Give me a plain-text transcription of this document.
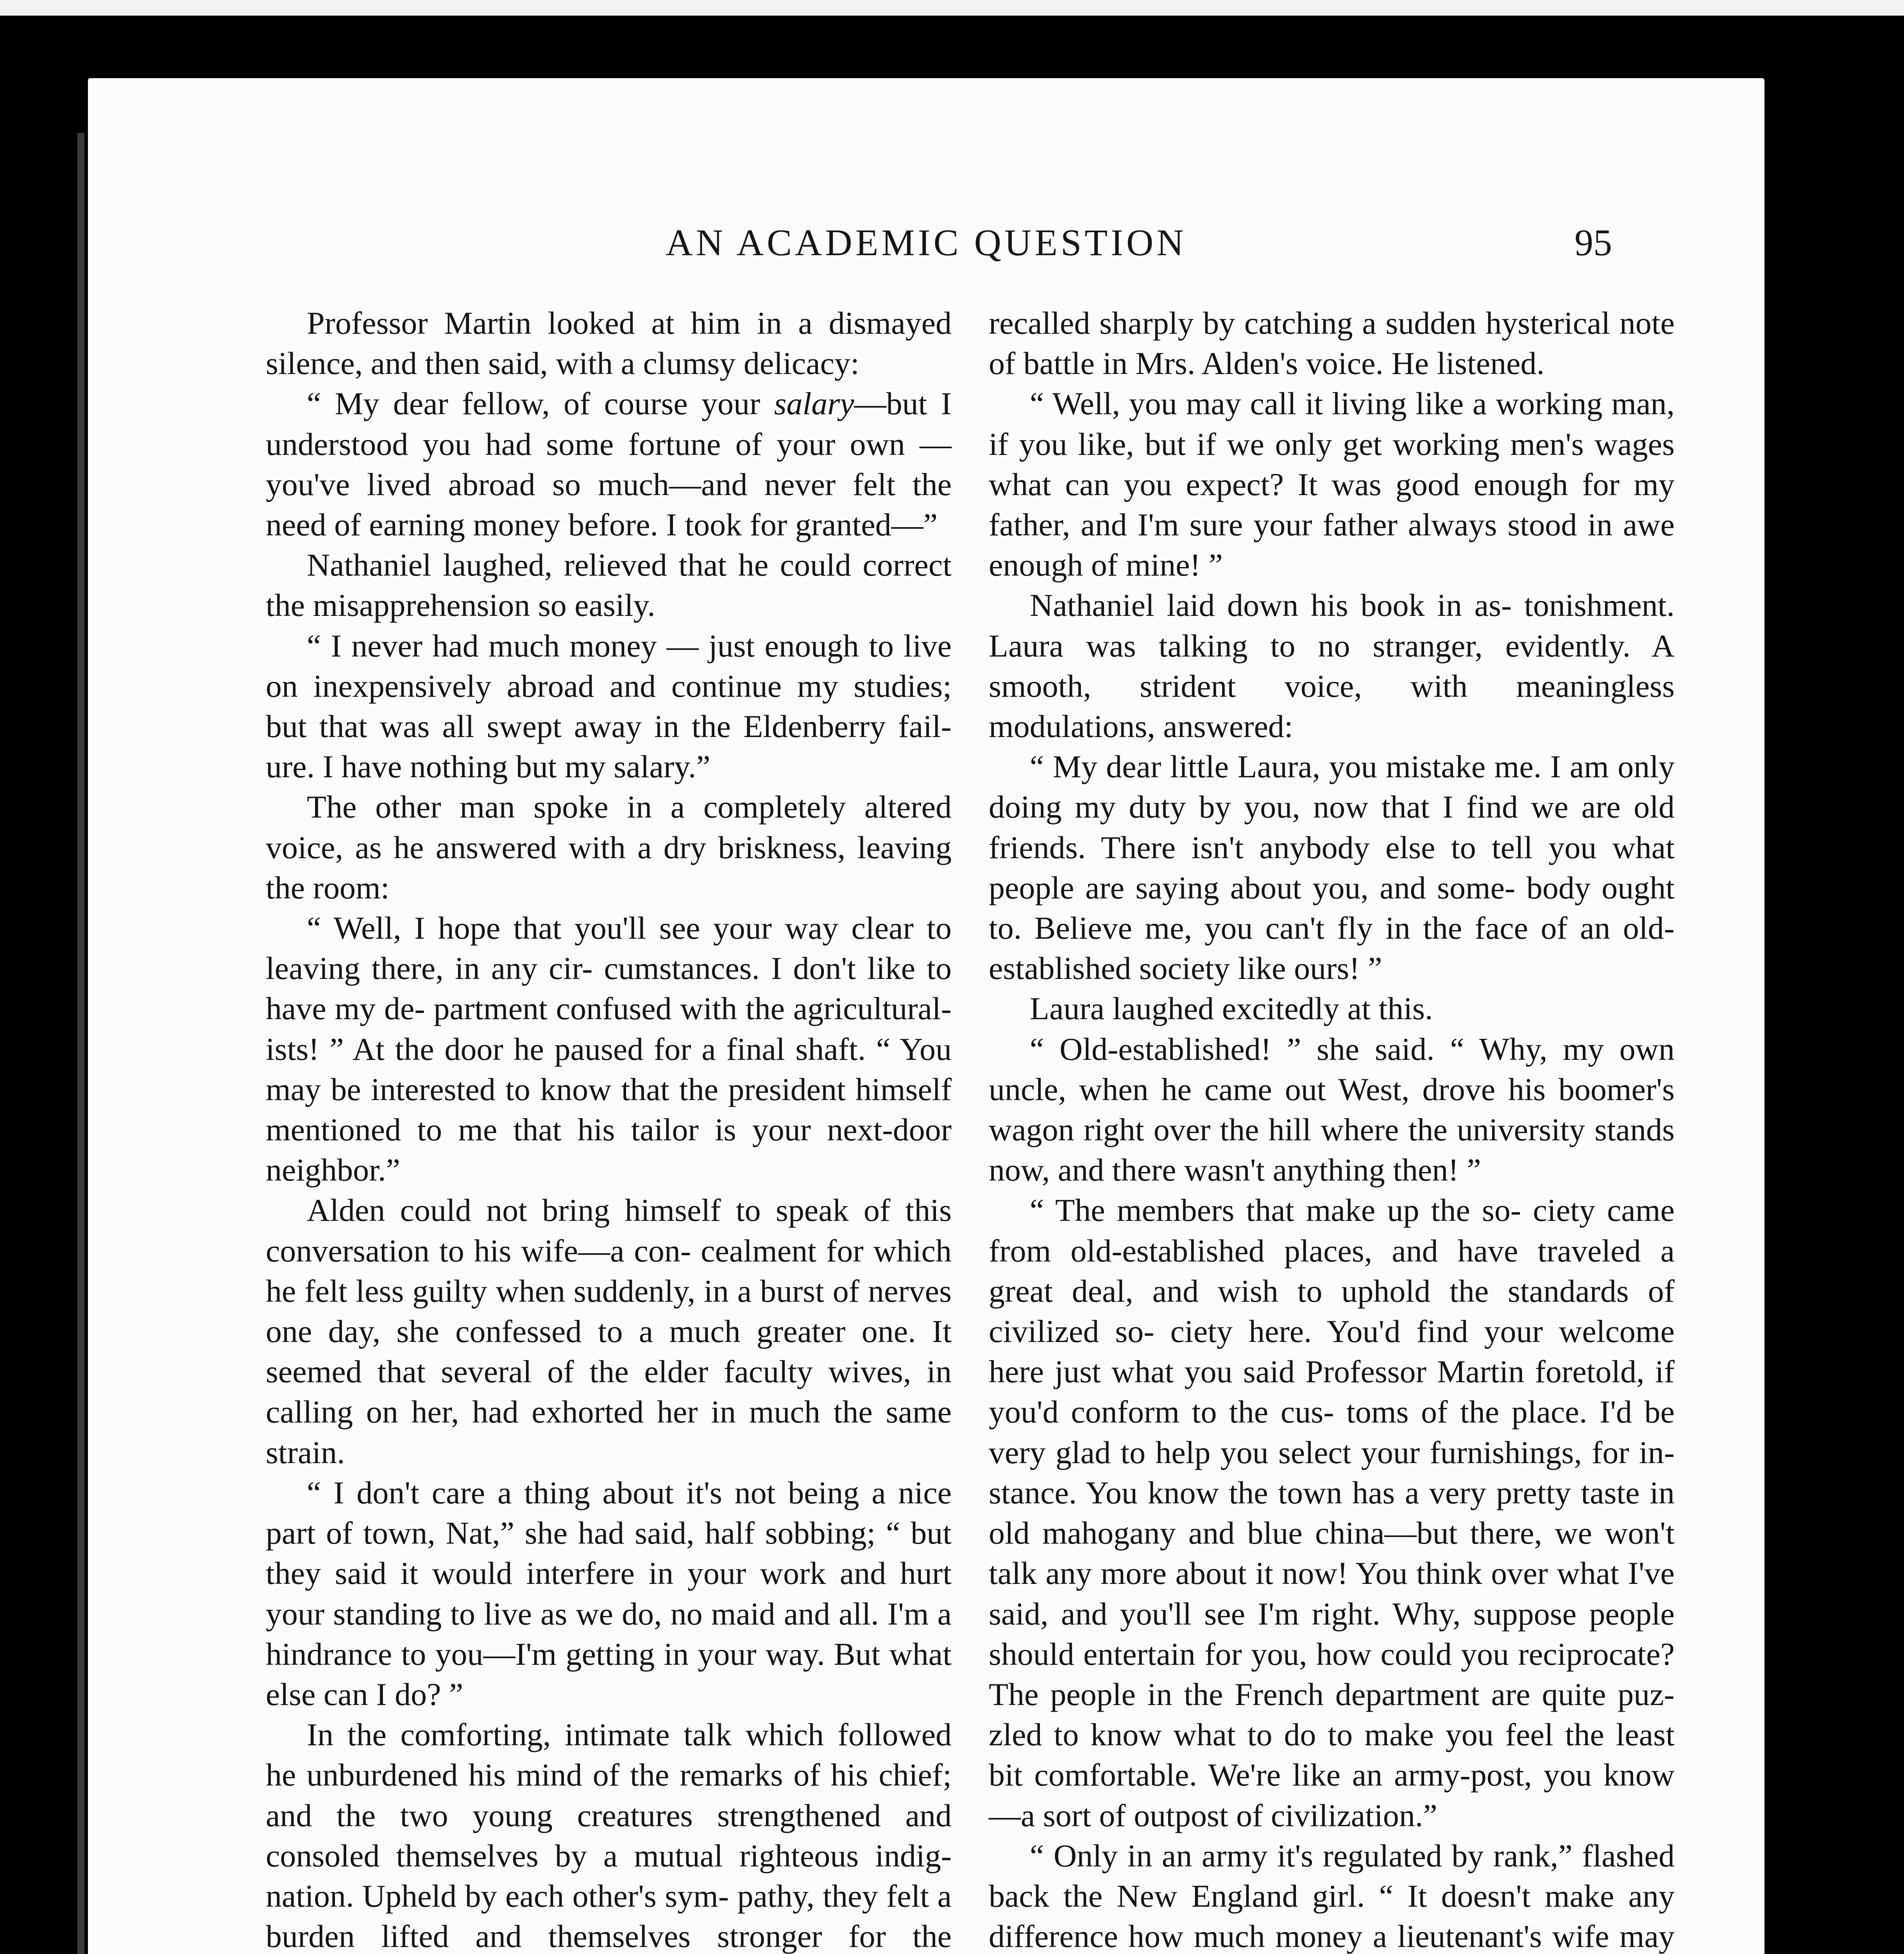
AN ACADEMIC QUESTION	95

Professor Martin looked at him in a dismayed silence, and then said, with a clumsy delicacy:

“ My dear fellow, of course your salary—but I understood you had some fortune of your own — you've lived abroad so much—and never felt the need of earning money before. I took for granted—”

Nathaniel laughed, relieved that he could correct the misapprehension so easily.

“ I never had much money — just enough to live on inexpensively abroad and continue my studies; but that was all swept away in the Eldenberry fail- ure. I have nothing but my salary.”

The other man spoke in a completely altered voice, as he answered with a dry briskness, leaving the room:

“ Well, I hope that you'll see your way clear to leaving there, in any cir- cumstances. I don't like to have my de- partment confused with the agricultural- ists! ” At the door he paused for a final shaft. “ You may be interested to know that the president himself mentioned to me that his tailor is your next-door neighbor.”

Alden could not bring himself to speak of this conversation to his wife—a con- cealment for which he felt less guilty when suddenly, in a burst of nerves one day, she confessed to a much greater one. It seemed that several of the elder faculty wives, in calling on her, had exhorted her in much the same strain.

“ I don't care a thing about it's not being a nice part of town, Nat,” she had said, half sobbing; “ but they said it would interfere in your work and hurt your standing to live as we do, no maid and all. I'm a hindrance to you—I'm getting in your way. But what else can I do? ”

In the comforting, intimate talk which followed he unburdened his mind of the remarks of his chief; and the two young creatures strengthened and consoled themselves by a mutual righteous indig- nation. Upheld by each other's sym- pathy, they felt a burden lifted and themselves stronger for the

recalled sharply by catching a sudden hysterical note of battle in Mrs. Alden's voice. He listened.

“ Well, you may call it living like a working man, if you like, but if we only get working men's wages what can you expect? It was good enough for my father, and I'm sure your father always stood in awe enough of mine! ”

Nathaniel laid down his book in as- tonishment. Laura was talking to no stranger, evidently. A smooth, strident voice, with meaningless modulations, answered:

“ My dear little Laura, you mistake me. I am only doing my duty by you, now that I find we are old friends. There isn't anybody else to tell you what people are saying about you, and some- body ought to. Believe me, you can't fly in the face of an old-established society like ours! ”

Laura laughed excitedly at this.

“ Old-established! ” she said. “ Why, my own uncle, when he came out West, drove his boomer's wagon right over the hill where the university stands now, and there wasn't anything then! ”

“ The members that make up the so- ciety came from old-established places, and have traveled a great deal, and wish to uphold the standards of civilized so- ciety here. You'd find your welcome here just what you said Professor Martin foretold, if you'd conform to the cus- toms of the place. I'd be very glad to help you select your furnishings, for in- stance. You know the town has a very pretty taste in old mahogany and blue china—but there, we won't talk any more about it now! You think over what I've said, and you'll see I'm right. Why, suppose people should entertain for you, how could you reciprocate? The people in the French department are quite puz- zled to know what to do to make you feel the least bit comfortable. We're like an army-post, you know—a sort of outpost of civilization.”

“ Only in an army it's regulated by rank,” flashed back the New England girl. “ It doesn't make any difference how much money a lieutenant's wife may
